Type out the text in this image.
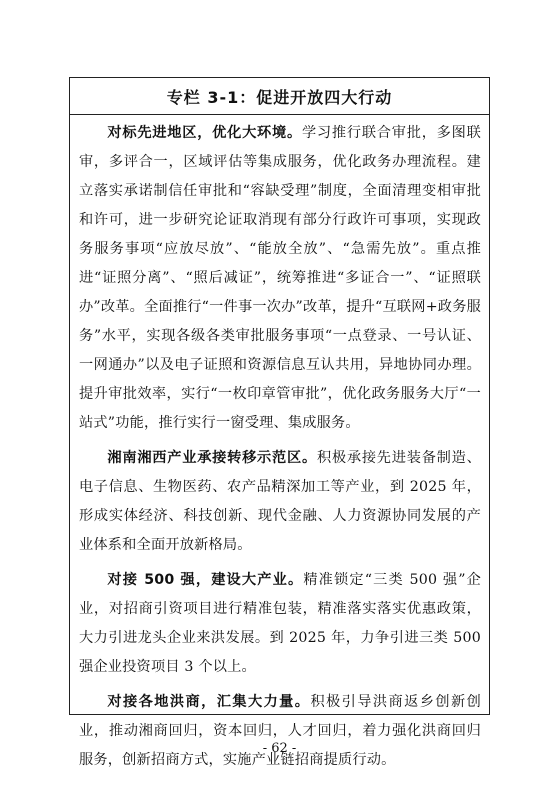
专栏 3-1：促进开放四大行动

对标先进地区，优化大环境。学习推行联合审批，多图联审，多评合一，区域评估等集成服务，优化政务办理流程。建立落实承诺制信任审批和“容缺受理”制度，全面清理变相审批和许可，进一步研究论证取消现有部分行政许可事项，实现政务服务事项“应放尽放”、“能放全放”、“急需先放”。重点推进“证照分离”、“照后减证”，统筹推进“多证合一”、“证照联办”改革。全面推行“一件事一次办”改革，提升“互联网+政务服务”水平，实现各级各类审批服务事项“一点登录、一号认证、一网通办”以及电子证照和资源信息互认共用，异地协同办理。提升审批效率，实行“一枚印章管审批”，优化政务服务大厅“一站式”功能，推行实行一窗受理、集成服务。

湘南湘西产业承接转移示范区。积极承接先进装备制造、电子信息、生物医药、农产品精深加工等产业，到 2025 年，形成实体经济、科技创新、现代金融、人力资源协同发展的产业体系和全面开放新格局。

对接 500 强，建设大产业。精准锁定“三类 500 强”企业，对招商引资项目进行精准包装，精准落实落实优惠政策，大力引进龙头企业来洪发展。到 2025 年，力争引进三类 500 强企业投资项目 3 个以上。

对接各地洪商，汇集大力量。积极引导洪商返乡创新创业，推动湘商回归，资本回归，人才回归，着力强化洪商回归服务，创新招商方式，实施产业链招商提质行动。

- 62 -
